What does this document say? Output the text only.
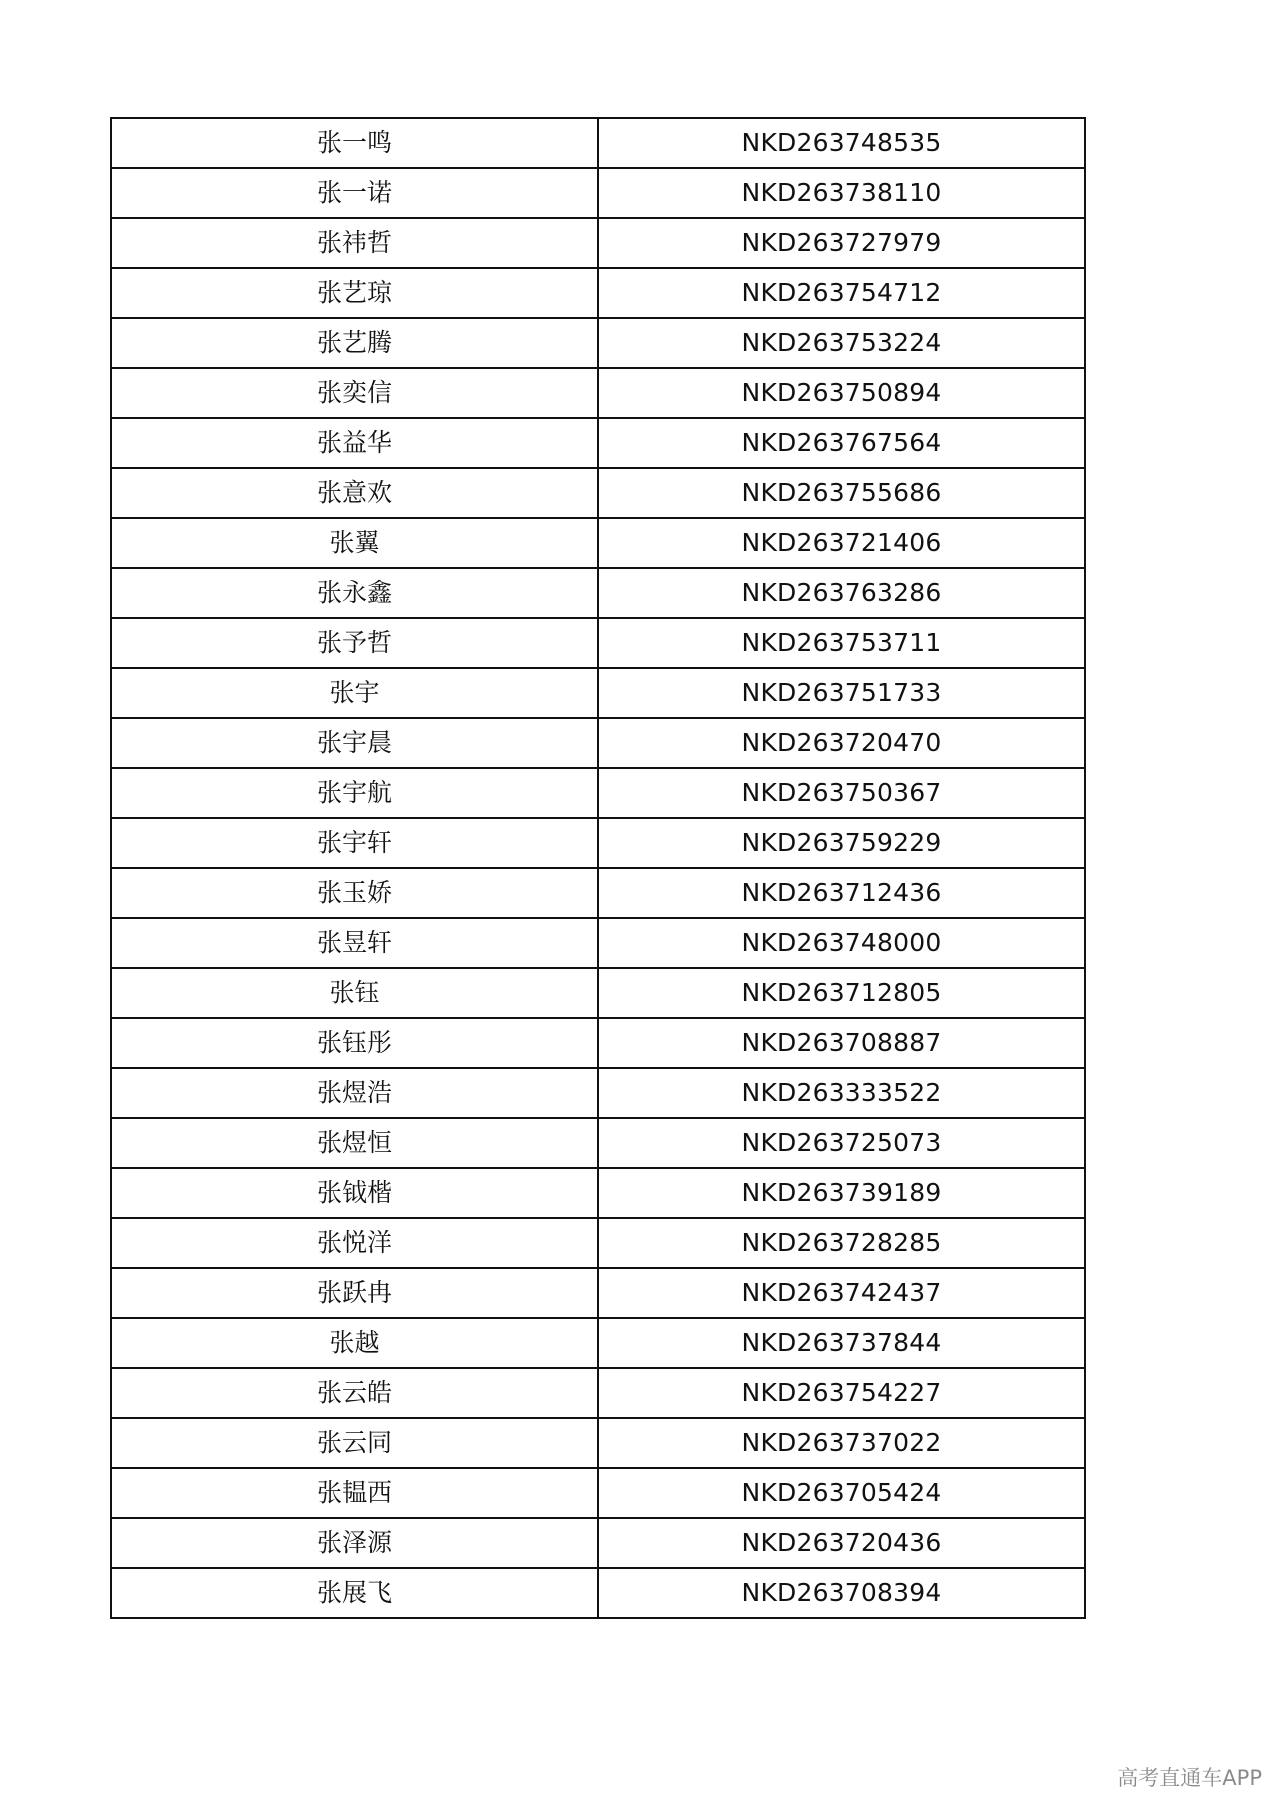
张一鸣	NKD263748535
张一诺	NKD263738110
张祎哲	NKD263727979
张艺琼	NKD263754712
张艺腾	NKD263753224
张奕信	NKD263750894
张益华	NKD263767564
张意欢	NKD263755686
张翼	NKD263721406
张永鑫	NKD263763286
张予哲	NKD263753711
张宇	NKD263751733
张宇晨	NKD263720470
张宇航	NKD263750367
张宇轩	NKD263759229
张玉娇	NKD263712436
张昱轩	NKD263748000
张钰	NKD263712805
张钰彤	NKD263708887
张煜浩	NKD263333522
张煜恒	NKD263725073
张钺楷	NKD263739189
张悦洋	NKD263728285
张跃冉	NKD263742437
张越	NKD263737844
张云皓	NKD263754227
张云同	NKD263737022
张韫西	NKD263705424
张泽源	NKD263720436
张展飞	NKD263708394
高考直通车APP
